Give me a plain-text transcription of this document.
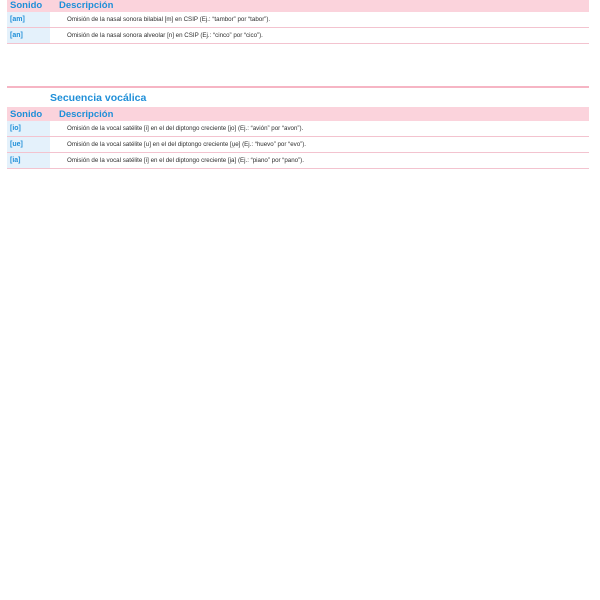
Sonido	Descripción
[am]	Omisión de la nasal sonora bilabial [m] en CSIP (Ej.: “tambor” por “tabor”).
[an]	Omisión de la nasal sonora alveolar [n] en CSIP (Ej.: “cinco” por “cico”).
Secuencia vocálica
Sonido	Descripción
[io]	Omisión de la vocal satélite [i] en el del diptongo creciente [i̯o] (Ej.: “avión” por “avon”).
[ue]	Omisión de la vocal satélite [u] en el del diptongo creciente [u̯e] (Ej.: “huevo” por “evo”).
[ia]	Omisión de la vocal satélite [i] en el del diptongo creciente [i̯a] (Ej.: “piano” por “pano”).
